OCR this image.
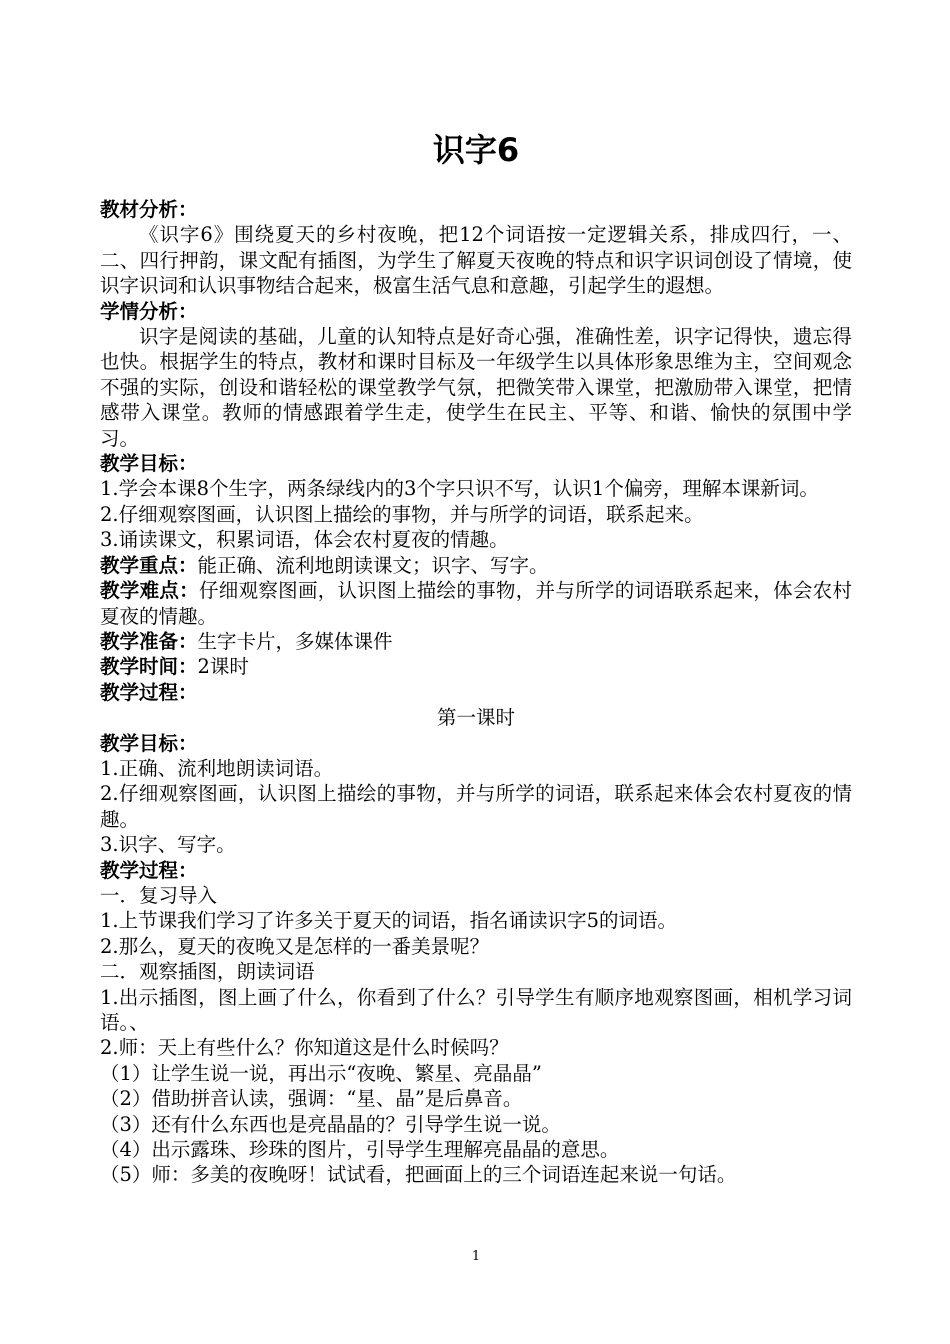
识字6

教材分析：

《识字6》围绕夏天的乡村夜晚，把12个词语按一定逻辑关系，排成四行，一、二、四行押韵，课文配有插图，为学生了解夏天夜晚的特点和识字识词创设了情境，使识字识词和认识事物结合起来，极富生活气息和意趣，引起学生的遐想。

学情分析：

识字是阅读的基础，儿童的认知特点是好奇心强，准确性差，识字记得快，遗忘得也快。根据学生的特点，教材和课时目标及一年级学生以具体形象思维为主，空间观念不强的实际，创设和谐轻松的课堂教学气氛，把微笑带入课堂，把激励带入课堂，把情感带入课堂。教师的情感跟着学生走，使学生在民主、平等、和谐、愉快的氛围中学习。

教学目标：

1.学会本课8个生字，两条绿线内的3个字只识不写，认识1个偏旁，理解本课新词。

2.仔细观察图画，认识图上描绘的事物，并与所学的词语，联系起来。

3.诵读课文，积累词语，体会农村夏夜的情趣。

教学重点：能正确、流利地朗读课文；识字、写字。

教学难点：仔细观察图画，认识图上描绘的事物，并与所学的词语联系起来，体会农村夏夜的情趣。

教学准备：生字卡片，多媒体课件

教学时间：2课时

教学过程：

第一课时

教学目标：

1.正确、流利地朗读词语。

2.仔细观察图画，认识图上描绘的事物，并与所学的词语，联系起来体会农村夏夜的情趣。

3.识字、写字。

教学过程：

一．复习导入

1.上节课我们学习了许多关于夏天的词语，指名诵读识字5的词语。

2.那么，夏天的夜晚又是怎样的一番美景呢？

二．观察插图，朗读词语

1.出示插图，图上画了什么，你看到了什么？引导学生有顺序地观察图画，相机学习词语。、

2.师：天上有些什么？你知道这是什么时候吗？

（1）让学生说一说，再出示“夜晚、繁星、亮晶晶”

（2）借助拼音认读，强调：“星、晶”是后鼻音。

（3）还有什么东西也是亮晶晶的？引导学生说一说。

（4）出示露珠、珍珠的图片，引导学生理解亮晶晶的意思。

（5）师：多美的夜晚呀！试试看，把画面上的三个词语连起来说一句话。

1
